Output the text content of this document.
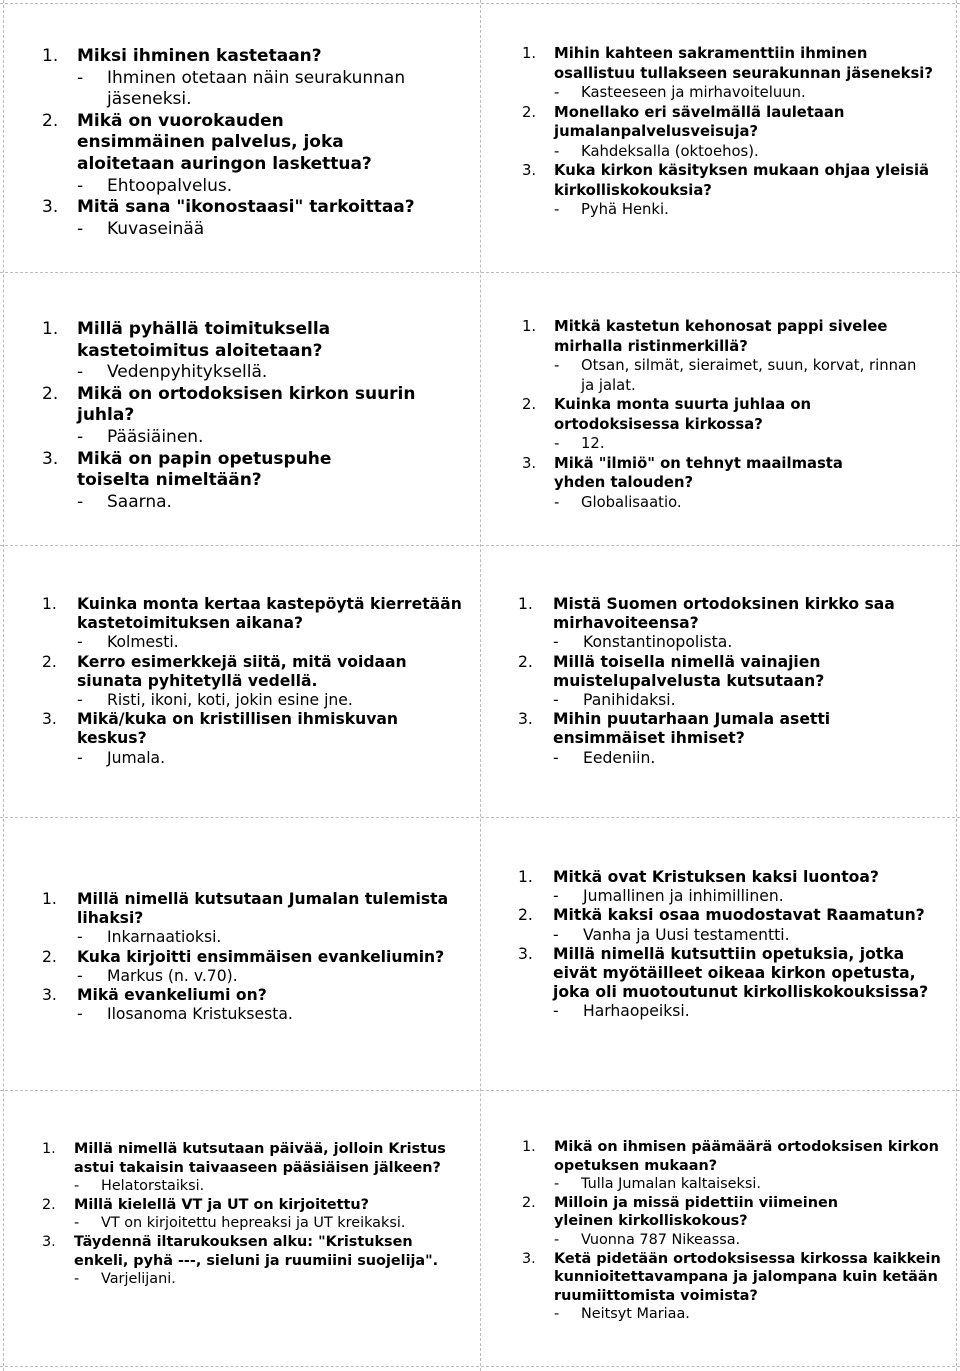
1.	Miksi ihminen kastetaan?
-	Ihminen otetaan näin seurakunnan jäseneksi.
2.	Mikä on vuorokauden ensimmäinen palvelus, joka aloitetaan auringon laskettua?
-	Ehtoopalvelus.
3.	Mitä sana "ikonostaasi" tarkoittaa?
-	Kuvaseinää
1.	Mihin kahteen sakramenttiin ihminen osallistuu tullakseen seurakunnan jäseneksi?
-	Kasteeseen ja mirhavoiteluun.
2.	Monellako eri sävelmällä lauletaan jumalanpalvelusveisuja?
-	Kahdeksalla (oktoehos).
3.	Kuka kirkon käsityksen mukaan ohjaa yleisiä kirkolliskokouksia?
-	Pyhä Henki.
1.	Millä pyhällä toimituksella kastetoimitus aloitetaan?
-	Vedenpyhityksellä.
2.	Mikä on ortodoksisen kirkon suurin juhla?
-	Pääsiäinen.
3.	Mikä on papin opetuspuhe toiselta nimeltään?
-	Saarna.
1.	Mitkä kastetun kehonosat pappi sivelee mirhalla ristinmerkillä?
-	Otsan, silmät, sieraimet, suun, korvat, rinnan ja jalat.
2.	Kuinka monta suurta juhlaa on ortodoksisessa kirkossa?
-	12.
3.	Mikä "ilmiö" on tehnyt maailmasta yhden talouden?
-	Globalisaatio.
1.	Kuinka monta kertaa kastepöytä kierretään kastetoimituksen aikana?
-	Kolmesti.
2.	Kerro esimerkkejä siitä, mitä voidaan siunata pyhitetyllä vedellä.
-	Risti, ikoni, koti, jokin esine jne.
3.	Mikä/kuka on kristillisen ihmiskuvan keskus?
-	Jumala.
1.	Mistä Suomen ortodoksinen kirkko saa mirhavoiteensa?
-	Konstantinopolista.
2.	Millä toisella nimellä vainajien muistelupalvelusta kutsutaan?
-	Panihidaksi.
3.	Mihin puutarhaan Jumala asetti ensimmäiset ihmiset?
-	Eedeniin.
1.	Millä nimellä kutsutaan Jumalan tulemista lihaksi?
-	Inkarnaatioksi.
2.	Kuka kirjoitti ensimmäisen evankeliumin?
-	Markus (n. v.70).
3.	Mikä evankeliumi on?
-	Ilosanoma Kristuksesta.
1.	Mitkä ovat Kristuksen kaksi luontoa?
-	Jumallinen ja inhimillinen.
2.	Mitkä kaksi osaa muodostavat Raamatun?
-	Vanha ja Uusi testamentti.
3.	Millä nimellä kutsuttiin opetuksia, jotka eivät myötäilleet oikeaa kirkon opetusta, joka oli muotoutunut kirkolliskokouksissa?
-	Harhaopeiksi.
1.	Millä nimellä kutsutaan päivää, jolloin Kristus astui takaisin taivaaseen pääsiäisen jälkeen?
-	Helatorstaiksi.
2.	Millä kielellä VT ja UT on kirjoitettu?
-	VT on kirjoitettu hepreaksi ja UT kreikaksi.
3.	Täydennä iltarukouksen alku: "Kristuksen enkeli, pyhä ---, sieluni ja ruumiini suojelija".
-	Varjelijani.
1.	Mikä on ihmisen päämäärä ortodoksisen kirkon opetuksen mukaan?
-	Tulla Jumalan kaltaiseksi.
2.	Milloin ja missä pidettiin viimeinen yleinen kirkolliskokous?
-	Vuonna 787 Nikeassa.
3.	Ketä pidetään ortodoksisessa kirkossa kaikkein kunnioitettavampana ja jalompana kuin ketään ruumiittomista voimista?
-	Neitsyt Mariaa.
